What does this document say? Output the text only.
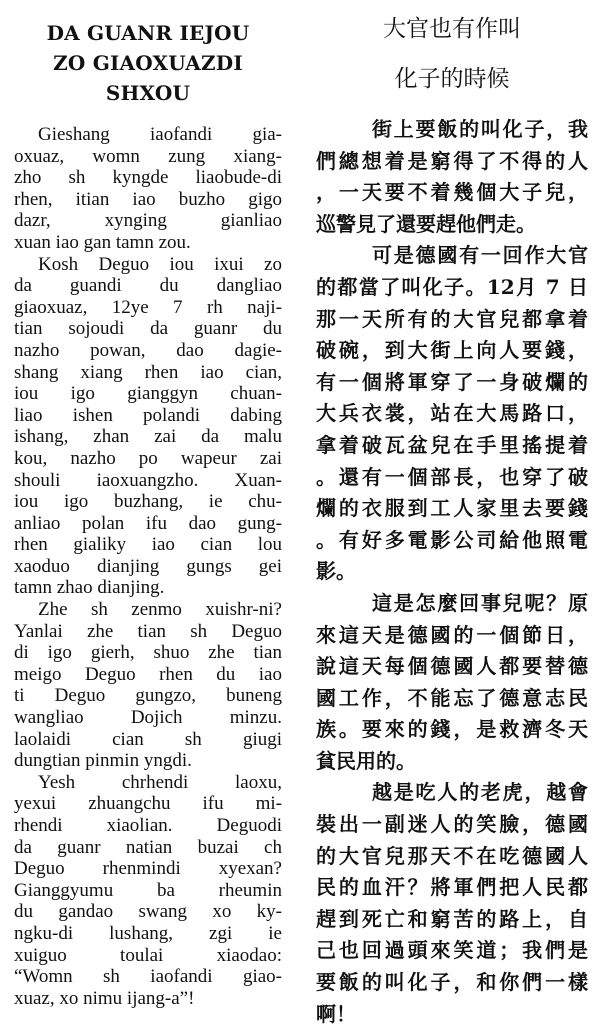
DA GUANR IEJOU
ZO GIAOXUAZDI
SHXOU
Gieshang iaofandi gia-
oxuaz, womn zung xiang-
zho sh kyngde liaobude-di
rhen, itian iao buzho gigo
dazr, xynging gianliao
xuan iao gan tamn zou.
Kosh Deguo iou ixui zo
da guandi du dangliao
giaoxuaz, 12ye 7 rh naji-
tian sojoudi da guanr du
nazho powan, dao dagie-
shang xiang rhen iao cian,
iou igo gianggyn chuan-
liao ishen polandi dabing
ishang, zhan zai da malu
kou, nazho po wapeur zai
shouli iaoxuangzho. Xuan-
iou igo buzhang, ie chu-
anliao polan ifu dao gung-
rhen gialiky iao cian lou
xaoduo dianjing gungs gei
tamn zhao dianjing.
Zhe sh zenmo xuishr-ni?
Yanlai zhe tian sh Deguo
di igo gierh, shuo zhe tian
meigo Deguo rhen du iao
ti Deguo gungzo, buneng
wangliao Dojich minzu.
laolaidi cian sh giugi
dungtian pinmin yngdi.
Yesh chrhendi laoxu,
yexui zhuangchu ifu mi-
rhendi xiaolian. Deguodi
da guanr natian buzai ch
Deguo rhenmindi xyexan?
Gianggyumu ba rheumin
du gandao swang xo ky-
ngku-di lushang, zgi ie
xuiguo toulai xiaodao:
“Womn sh iaofandi giao-
xuaz, xo nimu ijang-a”!
大官也有作叫
化子的時候
街上要飯的叫化子，我
們總想着是窮得了不得的人
，一天要不着幾個大子兒，
巡警見了還要趕他們走。
可是德國有一回作大官
的都當了叫化子。12月 7 日
那一天所有的大官兒都拿着
破碗，到大街上向人要錢，
有一個將軍穿了一身破爛的
大兵衣裳，站在大馬路口，
拿着破瓦盆兒在手里搖提着
。還有一個部長，也穿了破
爛的衣服到工人家里去要錢
。有好多電影公司給他照電
影。
這是怎麼回事兒呢？原
來這天是德國的一個節日，
說這天每個德國人都要替德
國工作，不能忘了德意志民
族。要來的錢，是救濟冬天
貧民用的。
越是吃人的老虎，越會
裝出一副迷人的笑臉，德國
的大官兒那天不在吃德國人
民的血汗？將軍們把人民都
趕到死亡和窮苦的路上，自
己也回過頭來笑道；我們是
要飯的叫化子，和你們一樣
啊！
